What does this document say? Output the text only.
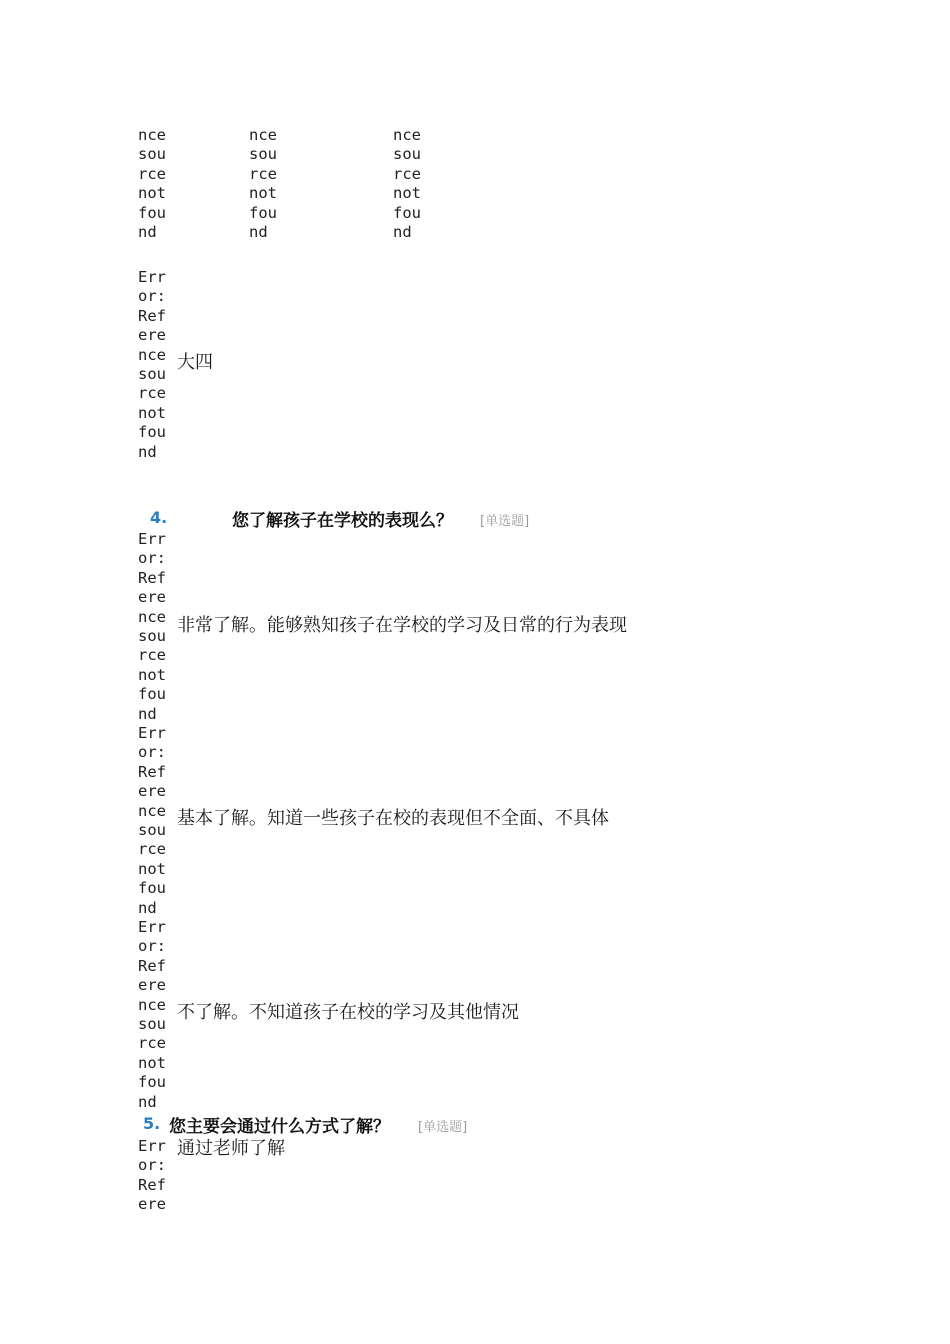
nce
sou
rce
not
fou
nd
nce
sou
rce
not
fou
nd
nce
sou
rce
not
fou
nd
Err
or:
Ref
ere
nce
sou
rce
not
fou
nd
大四
4.	您了解孩子在学校的表现么？ [单选题]
Err
or:
Ref
ere
nce
sou
rce
not
fou
nd
非常了解。能够熟知孩子在学校的学习及日常的行为表现
Err
or:
Ref
ere
nce
sou
rce
not
fou
nd
基本了解。知道一些孩子在校的表现但不全面、不具体
Err
or:
Ref
ere
nce
sou
rce
not
fou
nd
不了解。不知道孩子在校的学习及其他情况
5. 您主要会通过什么方式了解？ [单选题]
Err
or:
Ref
ere
通过老师了解
